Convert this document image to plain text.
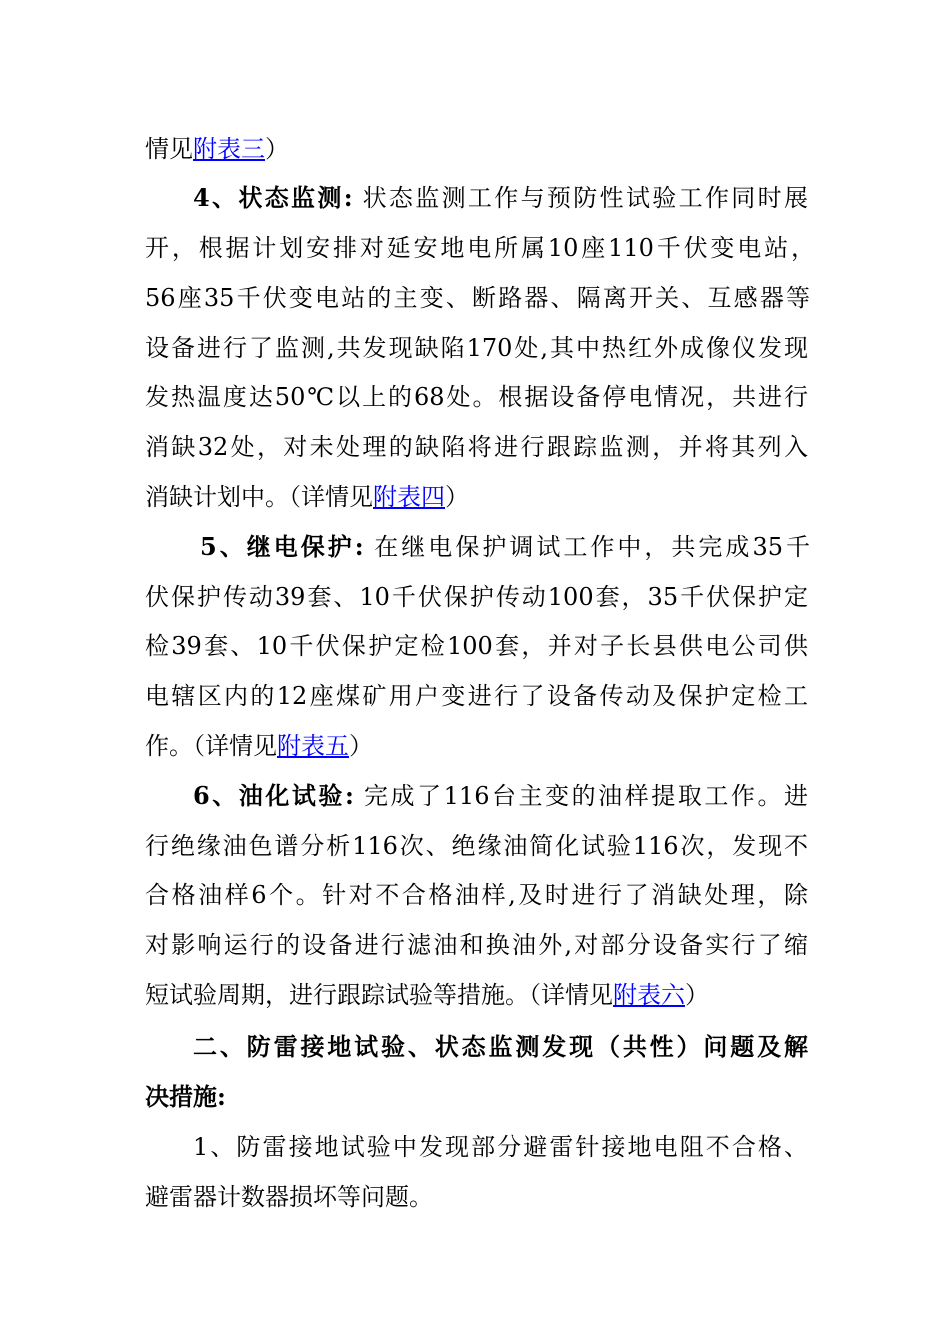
情见附表三）
4、状态监测: 状态监测工作与预防性试验工作同时展
开，根据计划安排对延安地电所属10座110千伏变电站，
56座35千伏变电站的主变、断路器、隔离开关、互感器等
设备进行了监测,共发现缺陷170处,其中热红外成像仪发现
发热温度达50℃以上的68处。根据设备停电情况，共进行
消缺32处，对未处理的缺陷将进行跟踪监测，并将其列入
消缺计划中。（详情见附表四）
5、继电保护: 在继电保护调试工作中，共完成35千
伏保护传动39套、10千伏保护传动100套，35千伏保护定
检39套、10千伏保护定检100套，并对子长县供电公司供
电辖区内的12座煤矿用户变进行了设备传动及保护定检工
作。（详情见附表五）
6、油化试验: 完成了116台主变的油样提取工作。进
行绝缘油色谱分析116次、绝缘油简化试验116次，发现不
合格油样6个。针对不合格油样,及时进行了消缺处理，除
对影响运行的设备进行滤油和换油外,对部分设备实行了缩
短试验周期，进行跟踪试验等措施。（详情见附表六）
二、防雷接地试验、状态监测发现（共性）问题及解
决措施:
1、防雷接地试验中发现部分避雷针接地电阻不合格、
避雷器计数器损坏等问题。
